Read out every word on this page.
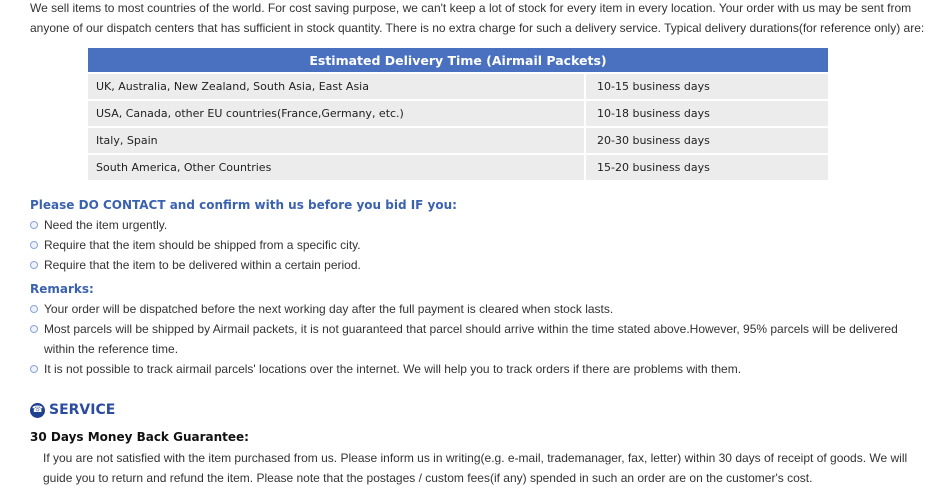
We sell items to most countries of the world. For cost saving purpose, we can't keep a lot of stock for every item in every location. Your order with us may be sent from anyone of our dispatch centers that has sufficient in stock quantity. There is no extra charge for such a delivery service. Typical delivery durations(for reference only) are:
Estimated Delivery Time (Airmail Packets)	
UK, Australia, New Zealand, South Asia, East Asia	10-15 business days
USA, Canada, other EU countries(France,Germany, etc.)	10-18 business days
Italy, Spain	20-30 business days
South America, Other Countries	15-20 business days
Please DO CONTACT and confirm with us before you bid IF you:
Need the item urgently.
Require that the item should be shipped from a specific city.
Require that the item to be delivered within a certain period.
Remarks:
Your order will be dispatched before the next working day after the full payment is cleared when stock lasts.
Most parcels will be shipped by Airmail packets, it is not guaranteed that parcel should arrive within the time stated above.However, 95% parcels will be delivered within the reference time.
It is not possible to track airmail parcels' locations over the internet. We will help you to track orders if there are problems with them.
☎ SERVICE
30 Days Money Back Guarantee:
If you are not satisfied with the item purchased from us. Please inform us in writing(e.g. e-mail, trademanager, fax, letter) within 30 days of receipt of goods. We will guide you to return and refund the item. Please note that the postages / custom fees(if any) spended in such an order are on the customer's cost.
